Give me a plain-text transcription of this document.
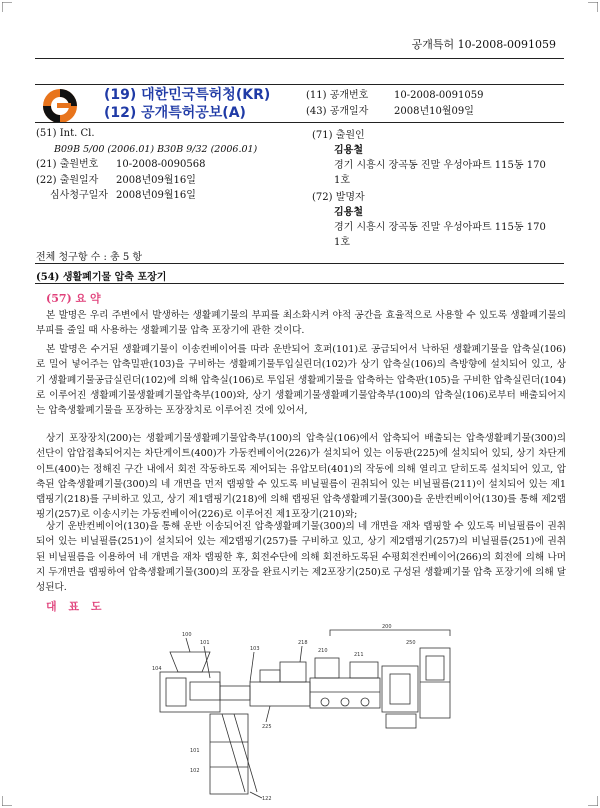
공개특허 10-2008-0091059
(19) 대한민국특허청(KR)
(12) 공개특허공보(A)
(11) 공개번호	10-2008-0091059
(43) 공개일자	2008년10월09일
(51) Int. Cl.
B09B 5/00 (2006.01) B30B 9/32 (2006.01)
(21) 출원번호 10-2008-0090568
(22) 출원일자 2008년09월16일
심사청구일자 2008년09월16일
(71) 출원인
김용철
경기 시흥시 장곡동 진말 우성아파트 115동 170
1호
(72) 발명자
김용철
경기 시흥시 장곡동 진말 우성아파트 115동 170
1호
전체 청구항 수 : 총 5 항
(54) 생활폐기물 압축 포장기
(57) 요 약
본 발명은 우리 주변에서 발생하는 생활폐기물의 부피를 최소화시켜 야적 공간을 효율적으로 사용할 수 있도록 생활폐기물의 부피를 줄일 때 사용하는 생활폐기물 압축 포장기에 관한 것이다.
본 발명은 수거된 생활폐기물이 이송컨베이어를 따라 운반되어 호퍼(101)로 공급되어서 낙하된 생활폐기물을 압축실(106)로 밀어 넣어주는 압축밀판(103)을 구비하는 생활폐기물투입실린더(102)가 상기 압축실(106)의 측방향에 설치되어 있고, 상기 생활폐기물공급실린더(102)에 의해 압축실(106)로 투입된 생활폐기물을 압축하는 압축판(105)을 구비한 압축실린더(104)로 이루어진 생활폐기물생활폐기물압축부(100)와, 상기 생활폐기물생활폐기물압축부(100)의 압축실(106)로부터 배출되어지는 압축생활폐기물을 포장하는 포장장치로 이루어진 것에 있어서,
상기 포장장치(200)는 생활폐기물생활폐기물압축부(100)의 압축실(106)에서 압축되어 배출되는 압축생활폐기물(300)의 선단이 압압접촉되어지는 차단게이트(400)가 가동컨베이어(226)가 설치되어 있는 이동판(225)에 설치되어 있되, 상기 차단게이트(400)는 정해진 구간 내에서 회전 작동하도록 제어되는 유압모터(401)의 작동에 의해 열리고 닫히도록 설치되어 있고, 압축된 압축생활폐기물(300)의 네 개면을 먼저 랩핑할 수 있도록 비닐필름이 권취되어 있는 비닐필름(211)이 설치되어 있는 제1랩핑기(218)를 구비하고 있고, 상기 제1랩핑기(218)에 의해 랩핑된 압축생활폐기물(300)을 운반컨베이어(130)를 통해 제2랩핑기(257)로 이송시키는 가동컨베이어(226)로 이루어진 제1포장기(210)와;
상기 운반컨베이어(130)을 통해 운반 이송되어진 압축생활폐기물(300)의 네 개면을 재차 랩핑할 수 있도록 비닐필름이 권취되어 있는 비닐필름(251)이 설치되어 있는 제2랩핑기(257)를 구비하고 있고, 상기 제2랩핑기(257)의 비닐필름(251)에 권취된 비닐필름을 이용하여 네 개면을 재차 랩핑한 후, 회전수단에 의해 회전하도록된 수평회전컨베이어(266)의 회전에 의해 나머지 두개면을 랩핑하여 압축생활폐기물(300)의 포장을 완료시키는 제2포장기(250)로 구성된 생활폐기물 압축 포장기에 의해 달성된다.
대 표 도
200
100
101
103
104
218
210
211
250
225
101
102
122
